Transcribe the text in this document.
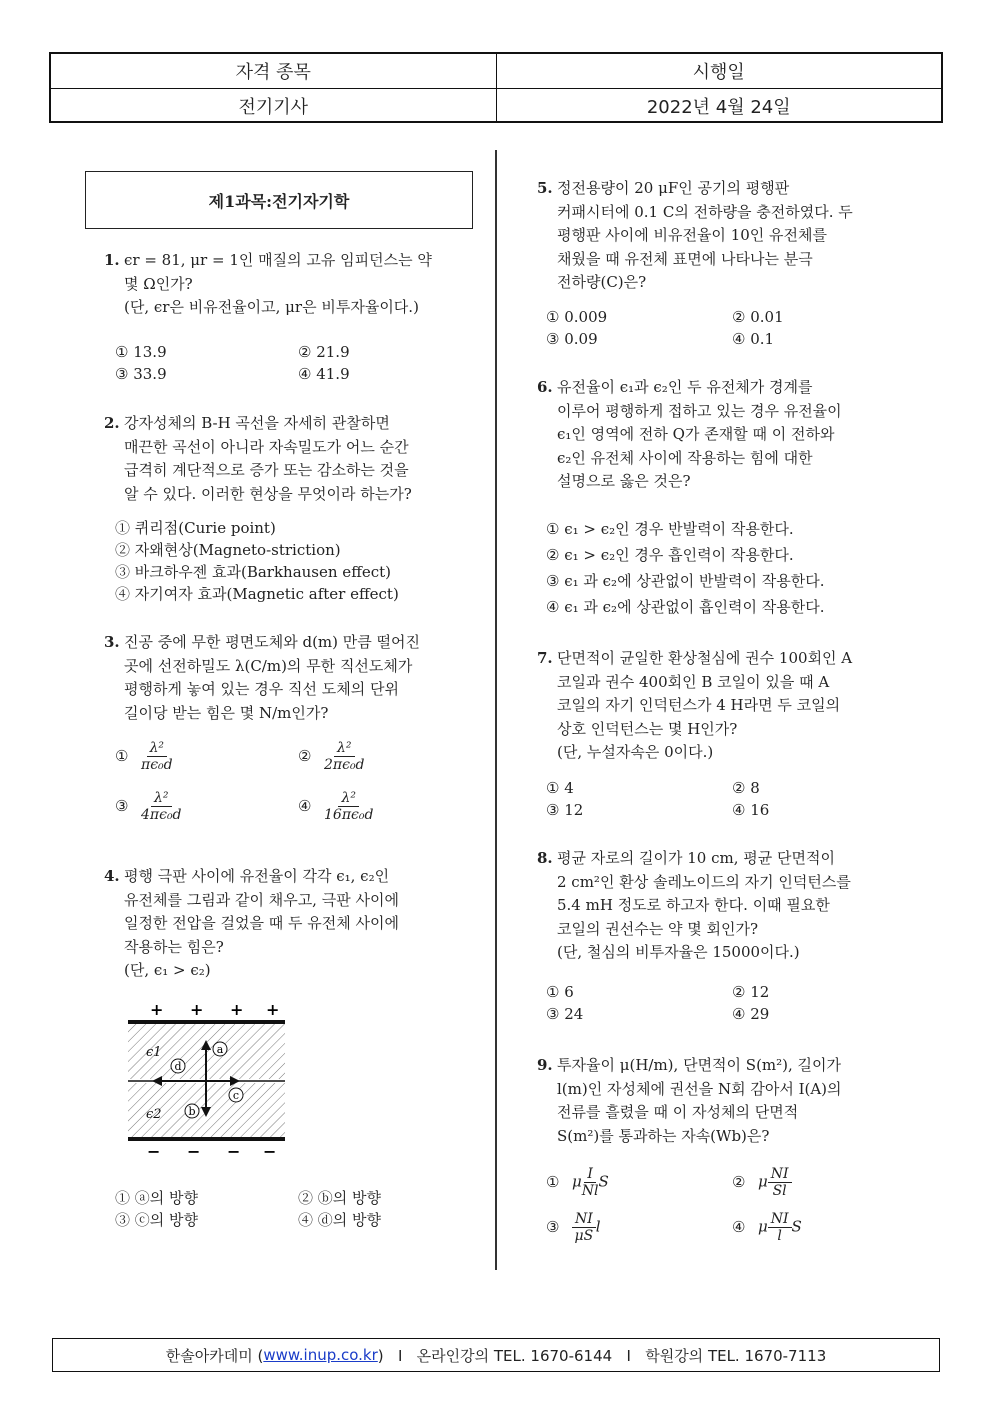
자격 종목	시행일
전기기사	2022년 4월 24일
제1과목:전기자기학
1. ϵr = 81, μr = 1인 매질의 고유 임피던스는 약
몇 Ω인가?
(단, ϵr은 비유전율이고, μr은 비투자율이다.)
① 13.9	② 21.9
③ 33.9	④ 41.9
2. 강자성체의 B-H 곡선을 자세히 관찰하면
매끈한 곡선이 아니라 자속밀도가 어느 순간
급격히 계단적으로 증가 또는 감소하는 것을
알 수 있다. 이러한 현상을 무엇이라 하는가?
① 퀴리점(Curie point)
② 자왜현상(Magneto-striction)
③ 바크하우젠 효과(Barkhausen effect)
④ 자기여자 효과(Magnetic after effect)
3. 진공 중에 무한 평면도체와 d(m) 만큼 떨어진
곳에 선전하밀도 λ(C/m)의 무한 직선도체가
평행하게 놓여 있는 경우 직선 도체의 단위
길이당 받는 힘은 몇 N/m인가?
① $\frac{\text{λ²}}{\text{πϵ₀d}}$	② $\frac{\text{λ²}}{\text{2πϵ₀d}}$
③ $\frac{\text{λ²}}{\text{4πϵ₀d}}$	④ $\frac{\text{λ²}}{\text{16πϵ₀d}}$
4. 평행 극판 사이에 유전율이 각각 ϵ₁, ϵ₂인
유전체를 그림과 같이 채우고, 극판 사이에
일정한 전압을 걸었을 때 두 유전체 사이에
작용하는 힘은?
(단, ϵ₁ > ϵ₂)
+ + + +
ϵ1
ϵ2
a
b
c
d
− − − −
① ⓐ의 방향	② ⓑ의 방향
③ ⓒ의 방향	④ ⓓ의 방향
5. 정전용량이 20 μF인 공기의 평행판
커패시터에 0.1 C의 전하량을 충전하였다. 두
평행판 사이에 비유전율이 10인 유전체를
채웠을 때 유전체 표면에 나타나는 분극
전하량(C)은?
① 0.009	② 0.01
③ 0.09	④ 0.1
6. 유전율이 ϵ₁과 ϵ₂인 두 유전체가 경계를
이루어 평행하게 접하고 있는 경우 유전율이
ϵ₁인 영역에 전하 Q가 존재할 때 이 전하와
ϵ₂인 유전체 사이에 작용하는 힘에 대한
설명으로 옳은 것은?
① ϵ₁ > ϵ₂인 경우 반발력이 작용한다.
② ϵ₁ > ϵ₂인 경우 흡인력이 작용한다.
③ ϵ₁ 과 ϵ₂에 상관없이 반발력이 작용한다.
④ ϵ₁ 과 ϵ₂에 상관없이 흡인력이 작용한다.
7. 단면적이 균일한 환상철심에 권수 100회인 A
코일과 권수 400회인 B 코일이 있을 때 A
코일의 자기 인덕턴스가 4 H라면 두 코일의
상호 인덕턴스는 몇 H인가?
(단, 누설자속은 0이다.)
① 4	② 8
③ 12	④ 16
8. 평균 자로의 길이가 10 cm, 평균 단면적이
2 cm²인 환상 솔레노이드의 자기 인덕턴스를
5.4 mH 정도로 하고자 한다. 이때 필요한
코일의 권선수는 약 몇 회인가?
(단, 철심의 비투자율은 15000이다.)
① 6	② 12
③ 24	④ 29
9. 투자율이 μ(H/m), 단면적이 S(m²), 길이가
l(m)인 자성체에 권선을 N회 감아서 I(A)의
전류를 흘렸을 때 이 자성체의 단면적
S(m²)를 통과하는 자속(Wb)은?
① μ $\frac{I}{Nl}$ S	② μ $\frac{NI}{Sl}$
③ $\frac{NI}{\mu S}$ l	④ μ $\frac{NI}{l}$ S
한솔아카데미 ( www.inup.co.kr )   I   온라인강의 TEL. 1670-6144   I   학원강의 TEL. 1670-7113
